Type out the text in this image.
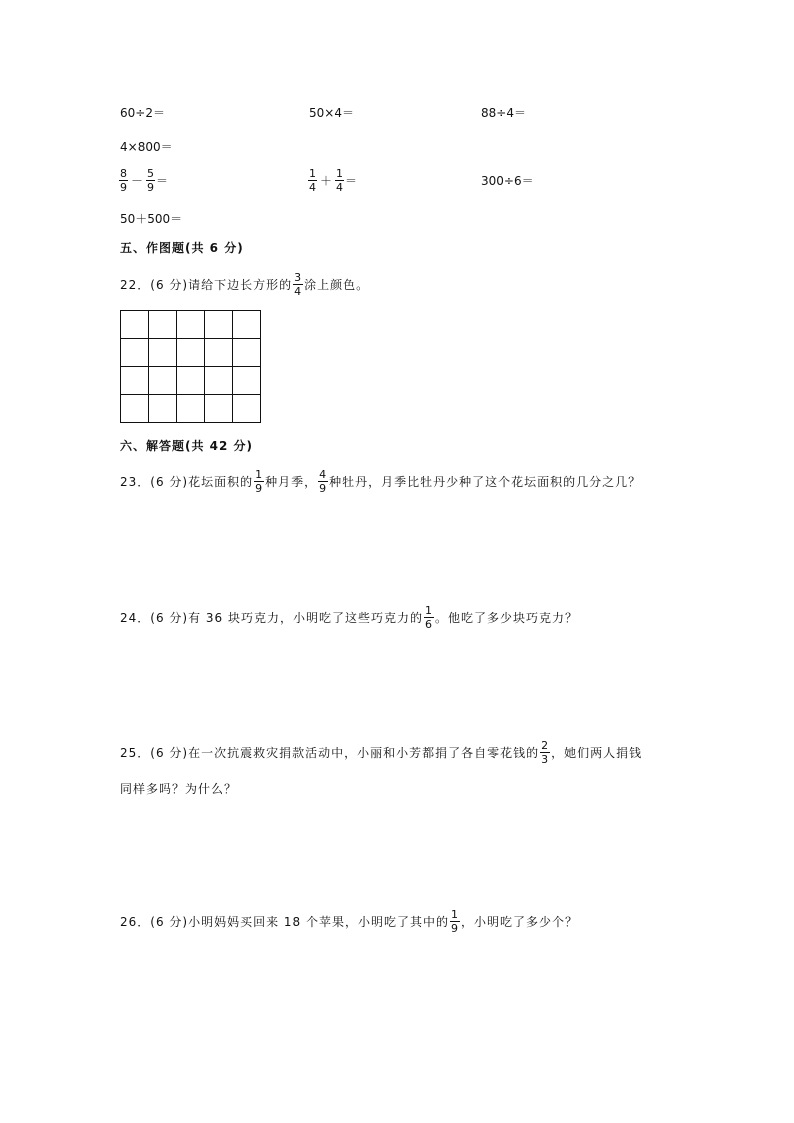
60÷2＝	50×4＝	88÷4＝
4×800＝
$\frac{8}{9} - \frac{5}{9}$ ＝	$\frac{1}{4} + \frac{1}{4}$ ＝	300÷6＝
50＋500＝
五、作图题(共 6 分)
22．(6 分)请给下边长方形的 $\frac{3}{4}$ 涂上颜色。

六、解答题(共 42 分)
23．(6 分)花坛面积的 $\frac{1}{9}$ 种月季， $\frac{4}{9}$ 种牡丹，月季比牡丹少种了这个花坛面积的几分之几？
24．(6 分)有 36 块巧克力，小明吃了这些巧克力的 $\frac{1}{6}$ 。他吃了多少块巧克力？
25．(6 分)在一次抗震救灾捐款活动中，小丽和小芳都捐了各自零花钱的 $\frac{2}{3}$ ，她们两人捐钱
同样多吗？为什么？
26．(6 分)小明妈妈买回来 18 个苹果，小明吃了其中的 $\frac{1}{9}$ ，小明吃了多少个？
